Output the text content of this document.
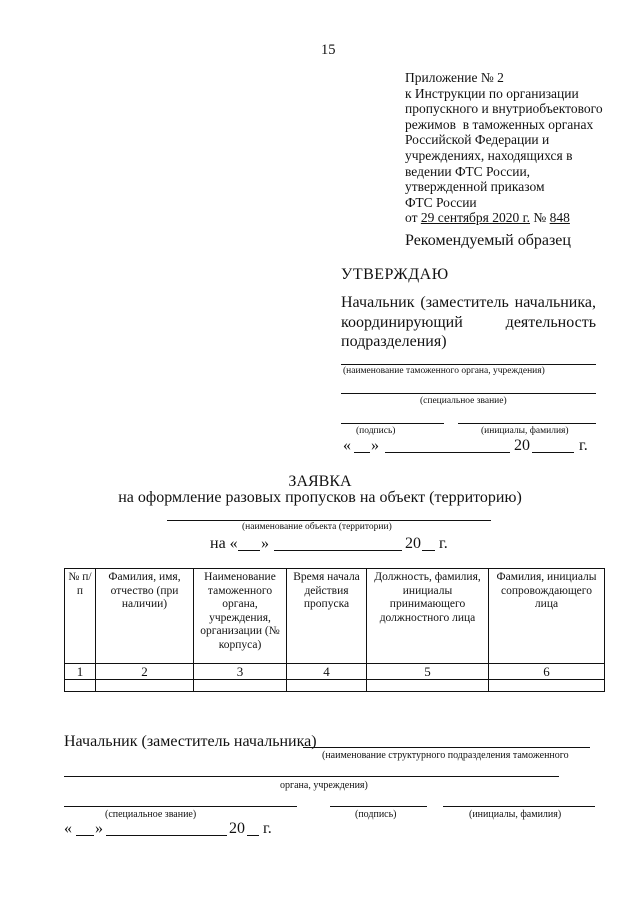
15
Приложение № 2
к Инструкции по организации
пропускного и внутриобъектового
режимов  в таможенных органах
Российской Федерации и
учреждениях, находящихся в
ведении ФТС России,
утвержденной приказом
ФТС России
от 29 сентября 2020 г. № 848
Рекомендуемый образец
УТВЕРЖДАЮ
Начальник (заместитель начальника,
координирующий	деятельность
подразделения)
(наименование таможенного органа, учреждения)
(специальное звание)
(подпись)	(инициалы, фамилия)
« »	20	г.
ЗАЯВКА
на оформление разовых пропусков на объект (территорию)
(наименование объекта (территории)
на « »	20 г.
№ п/п	Фамилия, имя, отчество (при наличии)	Наименование таможенного органа, учреждения, организации (№ корпуса)	Время начала действия пропуска	Должность, фамилия, инициалы принимающего должностного лица	Фамилия, инициалы сопровождающего лица
1	2	3	4	5	6

Начальник (заместитель начальника)
(наименование структурного подразделения таможенного
органа, учреждения)
(специальное звание)	(подпись)	(инициалы, фамилия)
« »	20 г.
